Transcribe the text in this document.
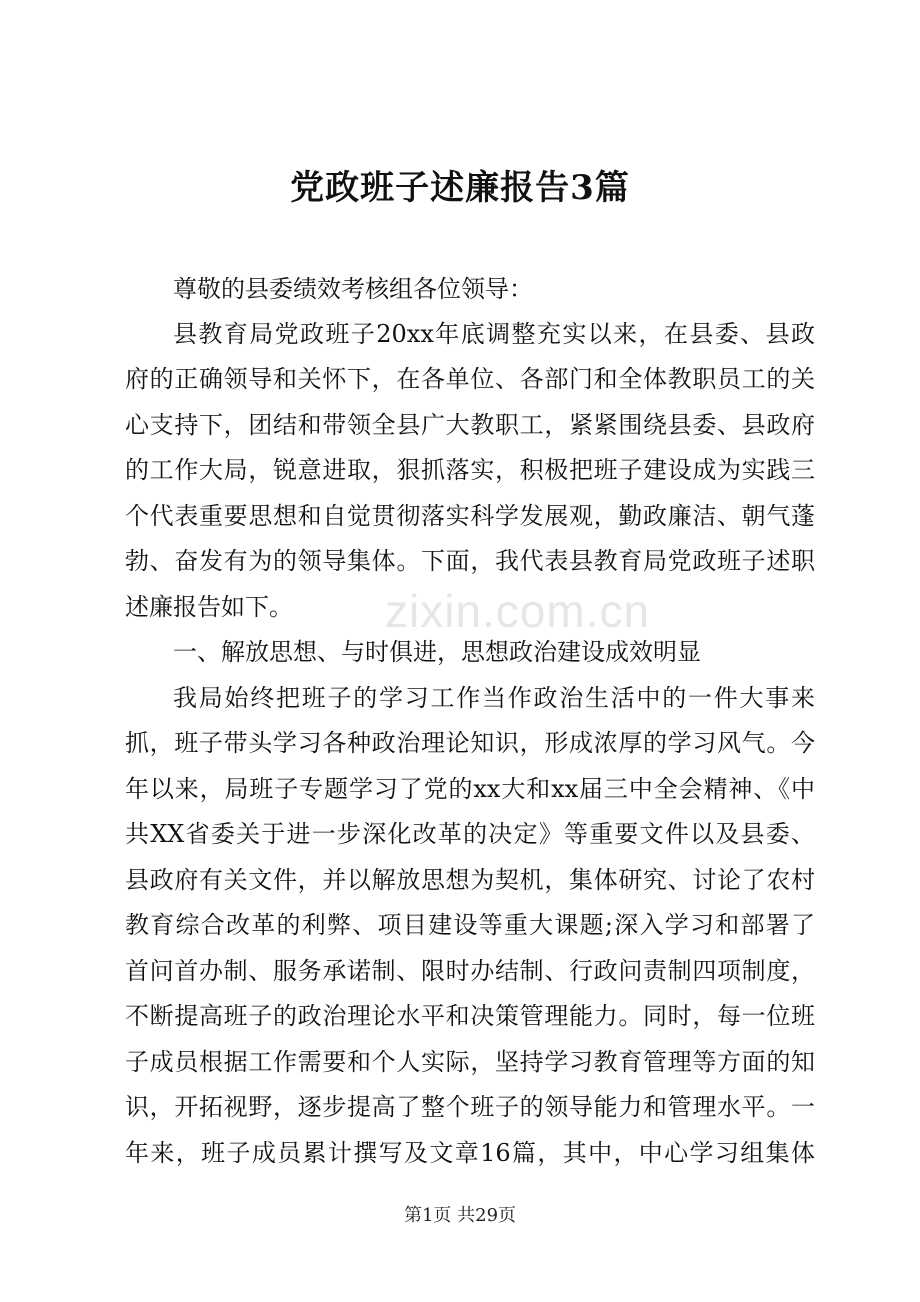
zixin.com.cn
党政班子述廉报告3篇
尊敬的县委绩效考核组各位领导：
县教育局党政班子20xx年底调整充实以来，在县委、县政
府的正确领导和关怀下，在各单位、各部门和全体教职员工的关
心支持下，团结和带领全县广大教职工，紧紧围绕县委、县政府
的工作大局，锐意进取，狠抓落实，积极把班子建设成为实践三
个代表重要思想和自觉贯彻落实科学发展观，勤政廉洁、朝气蓬
勃、奋发有为的领导集体。下面，我代表县教育局党政班子述职
述廉报告如下。
一、解放思想、与时俱进，思想政治建设成效明显
我局始终把班子的学习工作当作政治生活中的一件大事来
抓，班子带头学习各种政治理论知识，形成浓厚的学习风气。今
年以来，局班子专题学习了党的xx大和xx届三中全会精神、《中
共XX省委关于进一步深化改革的决定》等重要文件以及县委、
县政府有关文件，并以解放思想为契机，集体研究、讨论了农村
教育综合改革的利弊、项目建设等重大课题;深入学习和部署了
首问首办制、服务承诺制、限时办结制、行政问责制四项制度，
不断提高班子的政治理论水平和决策管理能力。同时，每一位班
子成员根据工作需要和个人实际，坚持学习教育管理等方面的知
识，开拓视野，逐步提高了整个班子的领导能力和管理水平。一
年来，班子成员累计撰写及文章16篇，其中，中心学习组集体
第1页 共29页
